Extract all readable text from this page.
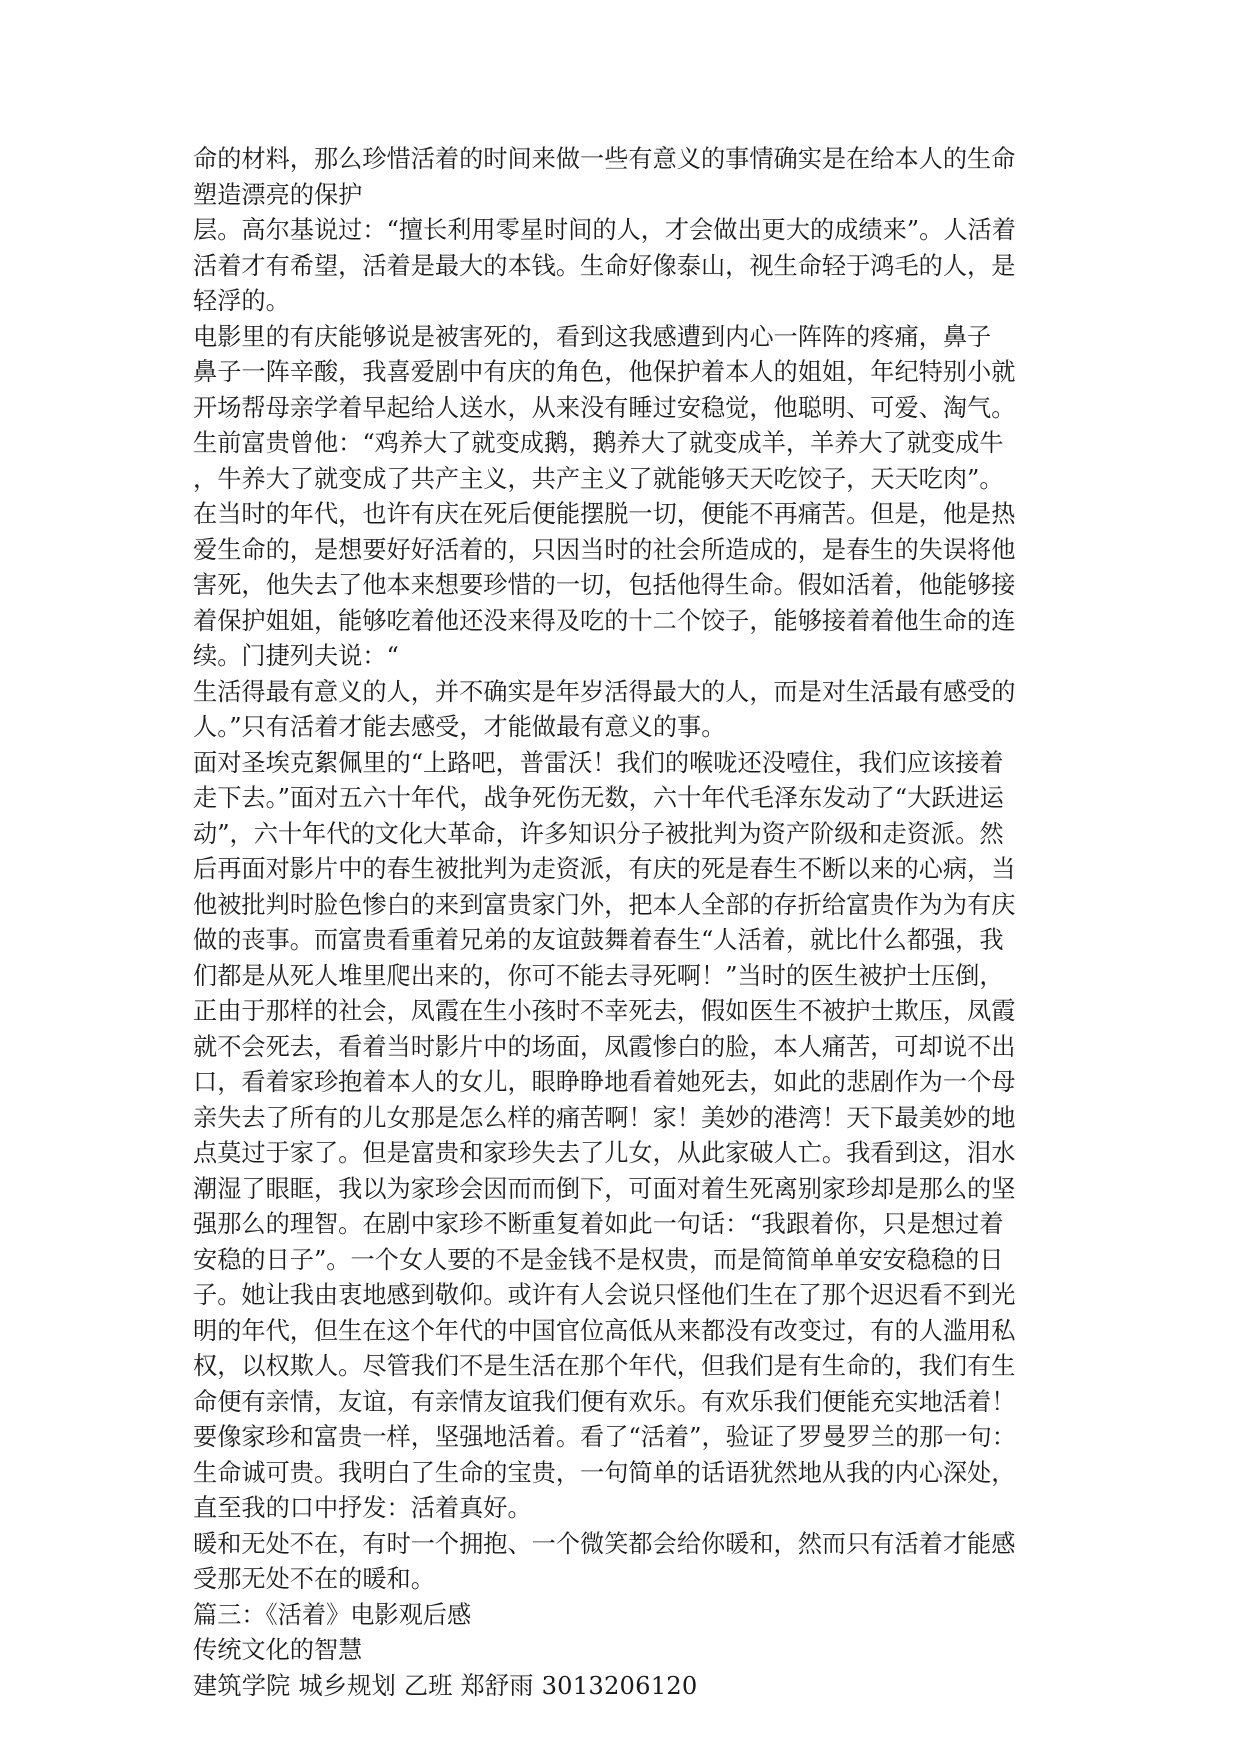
命的材料，那么珍惜活着的时间来做一些有意义的事情确实是在给本人的生命
塑造漂亮的保护
层。高尔基说过：“擅长利用零星时间的人，才会做出更大的成绩来”。人活着
活着才有希望，活着是最大的本钱。生命好像泰山，视生命轻于鸿毛的人，是
轻浮的。
电影里的有庆能够说是被害死的，看到这我感遭到内心一阵阵的疼痛，鼻子
鼻子一阵辛酸，我喜爱剧中有庆的角色，他保护着本人的姐姐，年纪特别小就
开场帮母亲学着早起给人送水，从来没有睡过安稳觉，他聪明、可爱、淘气。
生前富贵曾他：“鸡养大了就变成鹅，鹅养大了就变成羊，羊养大了就变成牛
，牛养大了就变成了共产主义，共产主义了就能够天天吃饺子，天天吃肉”。
在当时的年代，也许有庆在死后便能摆脱一切，便能不再痛苦。但是，他是热
爱生命的，是想要好好活着的，只因当时的社会所造成的，是春生的失误将他
害死，他失去了他本来想要珍惜的一切，包括他得生命。假如活着，他能够接
着保护姐姐，能够吃着他还没来得及吃的十二个饺子，能够接着着他生命的连
续。门捷列夫说：“
生活得最有意义的人，并不确实是年岁活得最大的人，而是对生活最有感受的
人。”只有活着才能去感受，才能做最有意义的事。
面对圣埃克絮佩里的“上路吧，普雷沃！我们的喉咙还没噎住，我们应该接着
走下去。”面对五六十年代，战争死伤无数，六十年代毛泽东发动了“大跃进运
动”，六十年代的文化大革命，许多知识分子被批判为资产阶级和走资派。然
后再面对影片中的春生被批判为走资派，有庆的死是春生不断以来的心病，当
他被批判时脸色惨白的来到富贵家门外，把本人全部的存折给富贵作为为有庆
做的丧事。而富贵看重着兄弟的友谊鼓舞着春生“人活着，就比什么都强，我
们都是从死人堆里爬出来的，你可不能去寻死啊！”当时的医生被护士压倒，
正由于那样的社会，凤霞在生小孩时不幸死去，假如医生不被护士欺压，凤霞
就不会死去，看着当时影片中的场面，凤霞惨白的脸，本人痛苦，可却说不出
口，看着家珍抱着本人的女儿，眼睁睁地看着她死去，如此的悲剧作为一个母
亲失去了所有的儿女那是怎么样的痛苦啊！家！美妙的港湾！天下最美妙的地
点莫过于家了。但是富贵和家珍失去了儿女，从此家破人亡。我看到这，泪水
潮湿了眼眶，我以为家珍会因而而倒下，可面对着生死离别家珍却是那么的坚
强那么的理智。在剧中家珍不断重复着如此一句话：“我跟着你，只是想过着
安稳的日子”。一个女人要的不是金钱不是权贵，而是简简单单安安稳稳的日
子。她让我由衷地感到敬仰。或许有人会说只怪他们生在了那个迟迟看不到光
明的年代，但生在这个年代的中国官位高低从来都没有改变过，有的人滥用私
权，以权欺人。尽管我们不是生活在那个年代，但我们是有生命的，我们有生
命便有亲情，友谊，有亲情友谊我们便有欢乐。有欢乐我们便能充实地活着！
要像家珍和富贵一样，坚强地活着。看了“活着”，验证了罗曼罗兰的那一句：
生命诚可贵。我明白了生命的宝贵，一句简单的话语犹然地从我的内心深处，
直至我的口中抒发：活着真好。
暖和无处不在，有时一个拥抱、一个微笑都会给你暖和，然而只有活着才能感
受那无处不在的暖和。
篇三：《活着》电影观后感
传统文化的智慧
建筑学院 城乡规划 乙班 郑舒雨 3013206120
